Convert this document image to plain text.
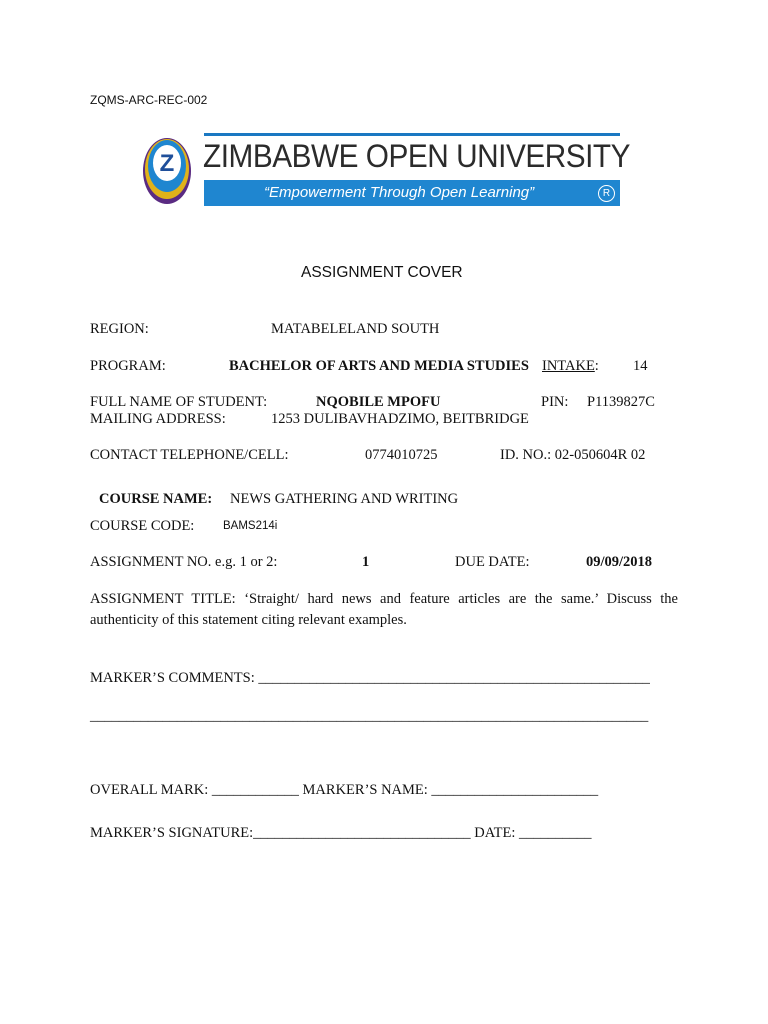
ZQMS-ARC-REC-002
Z ZIMBABWE OPEN UNIVERSITY
“Empowerment Through Open Learning”	R
ASSIGNMENT COVER
REGION:	MATABELELAND SOUTH
PROGRAM:	BACHELOR OF ARTS AND MEDIA STUDIES INTAKE: 14
FULL NAME OF STUDENT:	NQOBILE MPOFU	PIN: P1139827C
MAILING ADDRESS:	1253 DULIBAVHADZIMO, BEITBRIDGE
CONTACT TELEPHONE/CELL:	0774010725	ID. NO.: 02-050604R 02
COURSE NAME: NEWS GATHERING AND WRITING
COURSE CODE: BAMS214i
ASSIGNMENT NO. e.g. 1 or 2:	1	DUE DATE:	09/09/2018
ASSIGNMENT TITLE: ‘Straight/ hard news and feature articles are the same.’ Discuss the
authenticity of this statement citing relevant examples.
MARKER’S COMMENTS: ______________________________________________________
_____________________________________________________________________________
OVERALL MARK: ____________ MARKER’S NAME: _______________________
MARKER’S SIGNATURE:______________________________ DATE: __________
